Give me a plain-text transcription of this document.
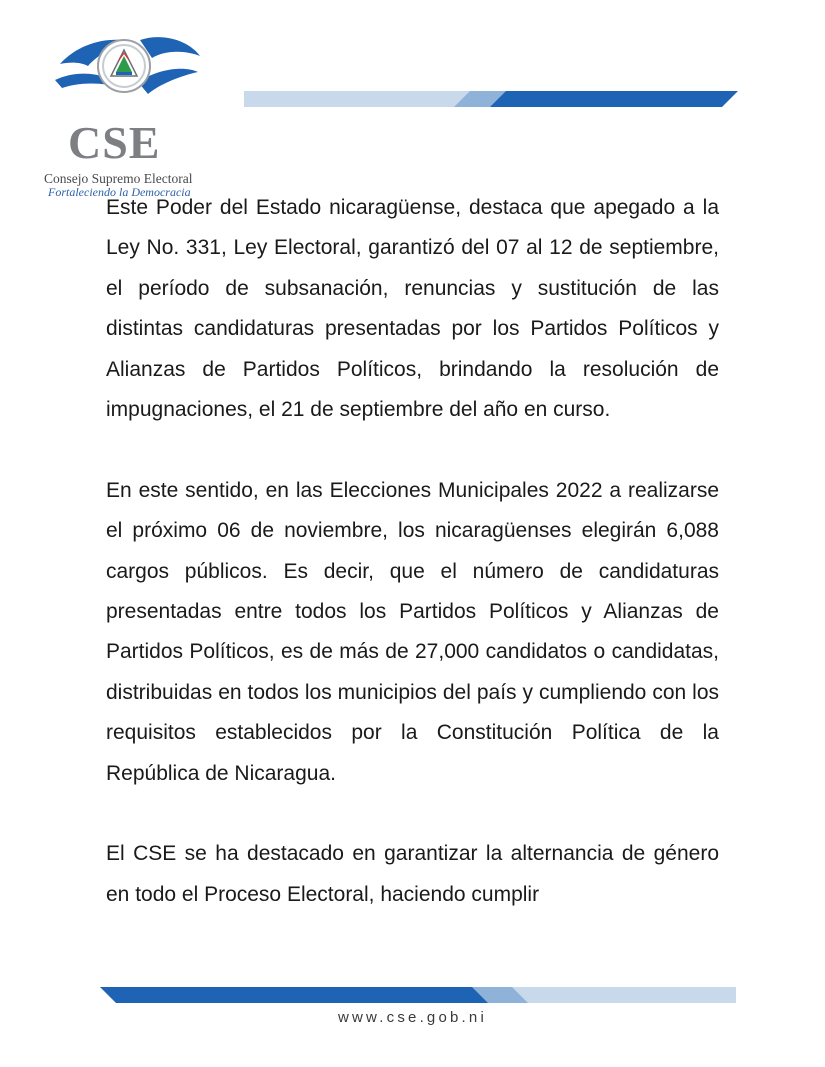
CSE
Consejo Supremo Electoral
Fortaleciendo la Democracia

Este Poder del Estado nicaragüense, destaca que apegado a la Ley No. 331, Ley Electoral, garantizó del 07 al 12 de septiembre, el período de subsanación, renuncias y sustitución de las distintas candidaturas presentadas por los Partidos Políticos y Alianzas de Partidos Políticos, brindando la resolución de impugnaciones, el 21 de septiembre del año en curso.

En este sentido, en las Elecciones Municipales 2022 a realizarse el próximo 06 de noviembre, los nicaragüenses elegirán 6,088 cargos públicos. Es decir, que el número de candidaturas presentadas entre todos los Partidos Políticos y Alianzas de Partidos Políticos, es de más de 27,000 candidatos o candidatas, distribuidas en todos los municipios del país y cumpliendo con los requisitos establecidos por la Constitución Política de la República de Nicaragua.

El CSE se ha destacado en garantizar la alternancia de género en todo el Proceso Electoral, haciendo cumplir

www.cse.gob.ni
